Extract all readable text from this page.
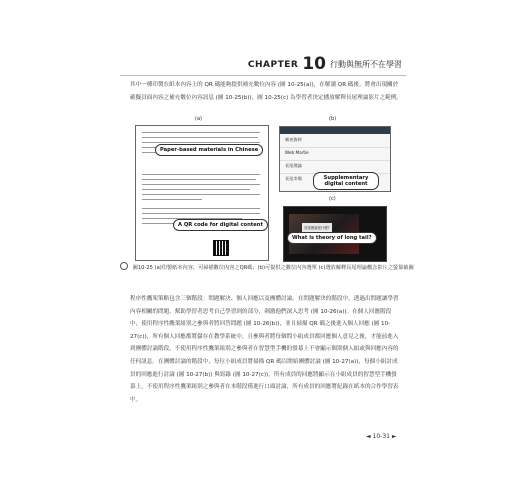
CHAPTER 10 行動與無所不在學習
其中一種印製在紙本內容上的 QR 碼能夠提供補充數位內容 (圖 10-25(a))，在解讀 QR 碼後，將會出現關於確擬頁面內容之補充數位內容訊息 (圖 10-25(b))，圖 10-25(c) 為學習者決定播放解釋長尾理論影片之範例。
(a)	(b)
Paper-based materials in Chinese
A QR code for digital content
補充資料
Web Martie
長尾理論
長尾市場	Supplementary digital content
(c)
長尾理論是什麼?
What is theory of long tail?
圖10-25 (a)印製紙本內容，可掃描數位內容之QR碼；(b)可提供之數位內容選單 (c)選放解釋長尾理論概念影片之螢幕截圖
程序性鷹架策略包含三個階段：問題解決、個人回應以及團體討論。在問題解決的階段中，透過出問題讓學習內容相關的問題，幫助學習者思考自己學習到的部分，刺激他們深入思考 (圖 10-26(a))。在個人回應階段中，使用程序性鷹架組別之參與者將回答問題 (圖 10-26(b))，並且掃描 QR 碼之後進入個人回應 (圖 10-27(c))，所有個人回應都將儲存在教學系統中，且參與者將每個問小組成員都回應個人意見之後，才能前進入到團體討論階段。不使用程序性鷹架組別之參與者在智慧型手機的螢幕上不會顯示個別個人組或與回應內容的任何訊息。在團體討論的階段中，每位小組成員將掃描 QR 碼以開始團體討論 (圖 10-27(a))，每個小組討成員的回應進行討論 (圖 10-27(b)) 與寫錄 (圖 10-27(c))，所有成員的回應將顯示在小組成員的智慧型手機螢幕上。不使用程序性鷹架組別之參與者在本階段僅進行口頭討論，所有成員的回應將紀錄在紙本的合作學習表中。
◄ 10-31 ►
